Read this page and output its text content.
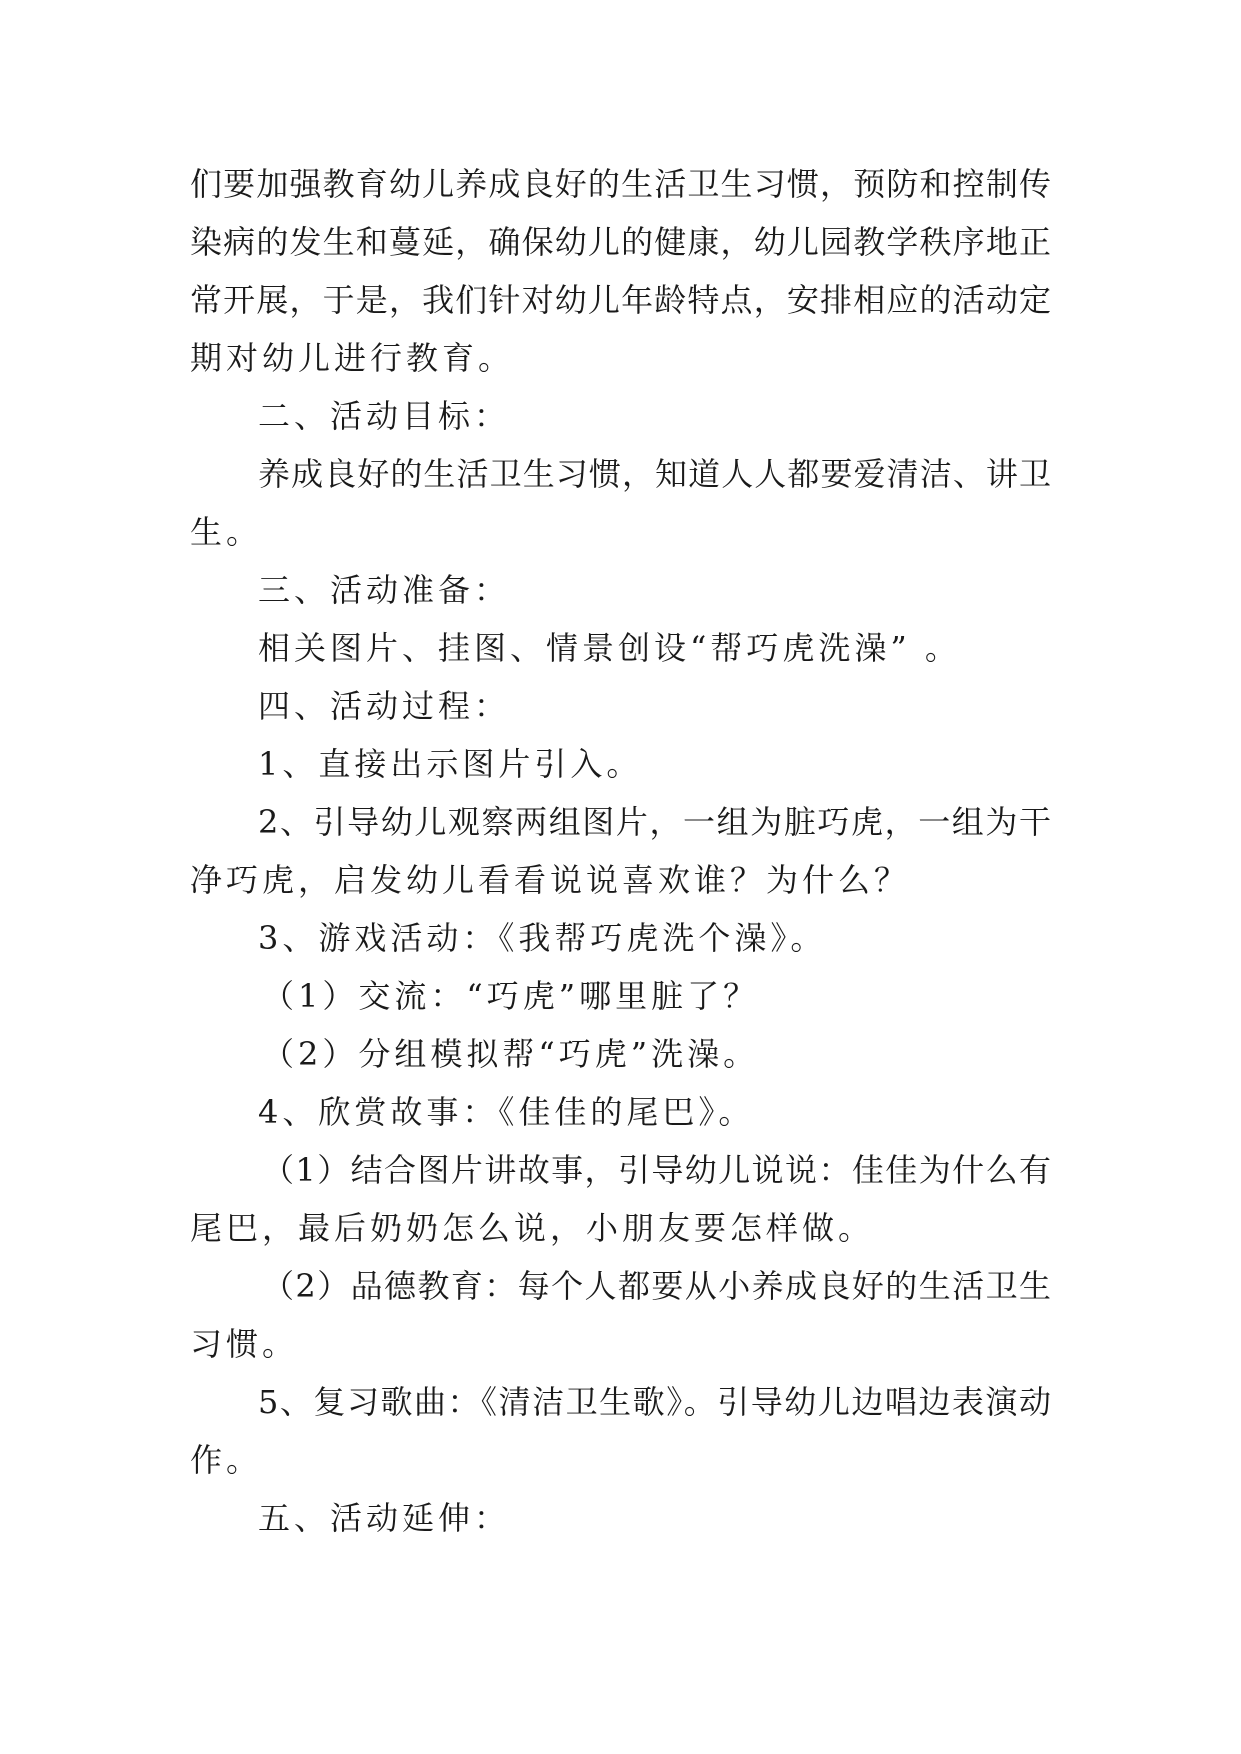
们要加强教育幼儿养成良好的生活卫生习惯，预防和控制传
染病的发生和蔓延，确保幼儿的健康，幼儿园教学秩序地正
常开展，于是，我们针对幼儿年龄特点，安排相应的活动定
期对幼儿进行教育。
二、活动目标：
养成良好的生活卫生习惯，知道人人都要爱清洁、讲卫
生。
三、活动准备：
相关图片、挂图、情景创设“帮巧虎洗澡” 。
四、活动过程：
1、直接出示图片引入。
2、引导幼儿观察两组图片，一组为脏巧虎，一组为干
净巧虎，启发幼儿看看说说喜欢谁？为什么？
3、游戏活动：《我帮巧虎洗个澡》。
（1）交流：“巧虎”哪里脏了？
（2）分组模拟帮“巧虎”洗澡。
4、欣赏故事：《佳佳的尾巴》。
（1）结合图片讲故事，引导幼儿说说：佳佳为什么有
尾巴，最后奶奶怎么说，小朋友要怎样做。
（2）品德教育：每个人都要从小养成良好的生活卫生
习惯。
5、复习歌曲：《清洁卫生歌》。引导幼儿边唱边表演动
作。
五、活动延伸：
